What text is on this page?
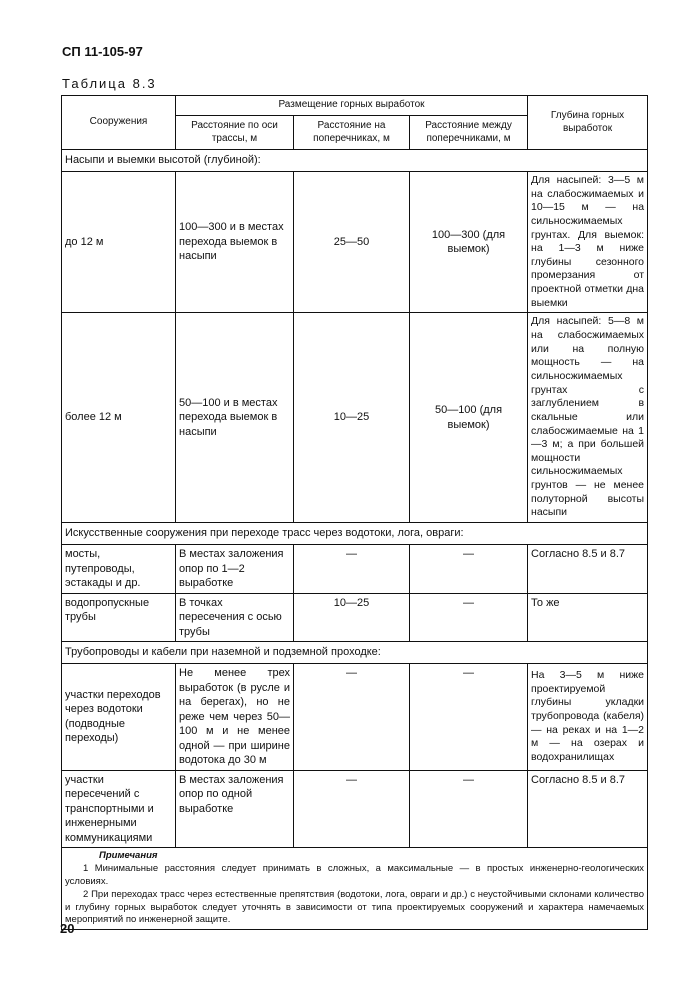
СП 11-105-97
Таблица 8.3
Сооружения	Размещение горных выработок			Глубина горных выработок
	Расстояние по оси трассы, м	Расстояние на поперечниках, м	Расстояние между поперечниками, м	
Насыпи и выемки высотой (глубиной):				
до 12 м	100—300 и в местах перехода выемок в насыпи	25—50	100—300 (для выемок)	Для насыпей: 3—5 м на слабосжимаемых и 10—15 м — на сильносжимаемых грунтах. Для выемок: на 1—3 м ниже глубины сезонного промерзания от проектной отметки дна выемки
более 12 м	50—100 и в местах перехода выемок в насыпи	10—25	50—100 (для выемок)	Для насыпей: 5—8 м на слабосжимаемых или на полную мощность — на сильносжимаемых грунтах с заглублением в скальные или слабосжимаемые на 1—3 м; а при большей мощности сильносжимаемых грунтов — не менее полуторной высоты насыпи
Искусственные сооружения при переходе трасс через водотоки, лога, овраги:				
мосты, путепроводы, эстакады и др.	В местах заложения опор по 1—2 выработке	—	—	Согласно 8.5 и 8.7
водопропускные трубы	В точках пересечения с осью трубы	10—25	—	То же
Трубопроводы и кабели при наземной и подземной проходке:				
участки переходов через водотоки (подводные переходы)	Не менее трех выработок (в русле и на берегах), но не реже чем через 50—100 м и не менее одной — при ширине водотока до 30 м	—	—	На 3—5 м ниже проектируемой глубины укладки трубопровода (кабеля) — на реках и на 1—2 м — на озерах и водохранилищах
участки пересечений с транспортными и инженерными коммуникациями	В местах заложения опор по одной выработке	—	—	Согласно 8.5 и 8.7

Примечания
1 Минимальные расстояния следует принимать в сложных, а максимальные — в простых инженерно-геологических условиях.
2 При переходах трасс через естественные препятствия (водотоки, лога, овраги и др.) с неустойчивыми склонами количество и глубину горных выработок следует уточнять в зависимости от типа проектируемых сооружений и характера намечаемых мероприятий по инженерной защите.				
20
